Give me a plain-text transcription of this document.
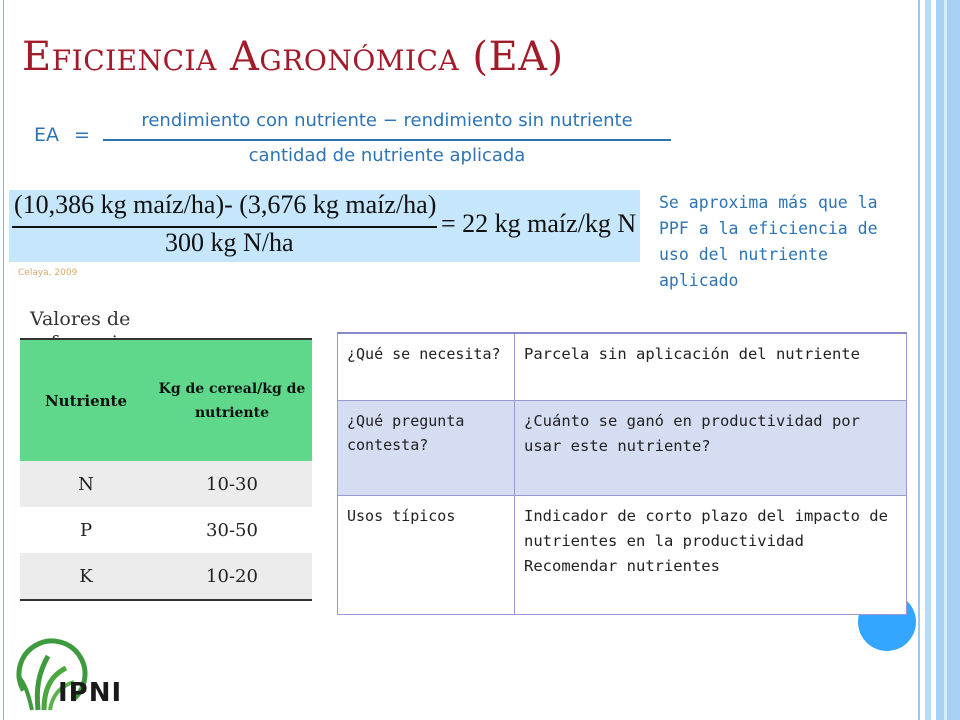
Eficiencia Agronómica (EA)
EA =
rendimiento con nutriente − rendimiento sin nutriente
cantidad de nutriente aplicada
(10,386 kg maíz/ha)- (3,676 kg maíz/ha)
300 kg N/ha
= 22 kg maíz/kg N
Celaya, 2009
Se aproxima más que la PPF a la eficiencia de uso del nutriente aplicado
Valores de
Nutriente	Kg de cereal/kg de nutriente
N	10-30
P	30-50
K	10-20
¿Qué se necesita?	Parcela sin aplicación del nutriente
¿Qué pregunta contesta?	¿Cuánto se ganó en productividad por usar este nutriente?
Usos típicos	Indicador de corto plazo del impacto de nutrientes en la productividad
Recomendar nutrientes
IPNI
